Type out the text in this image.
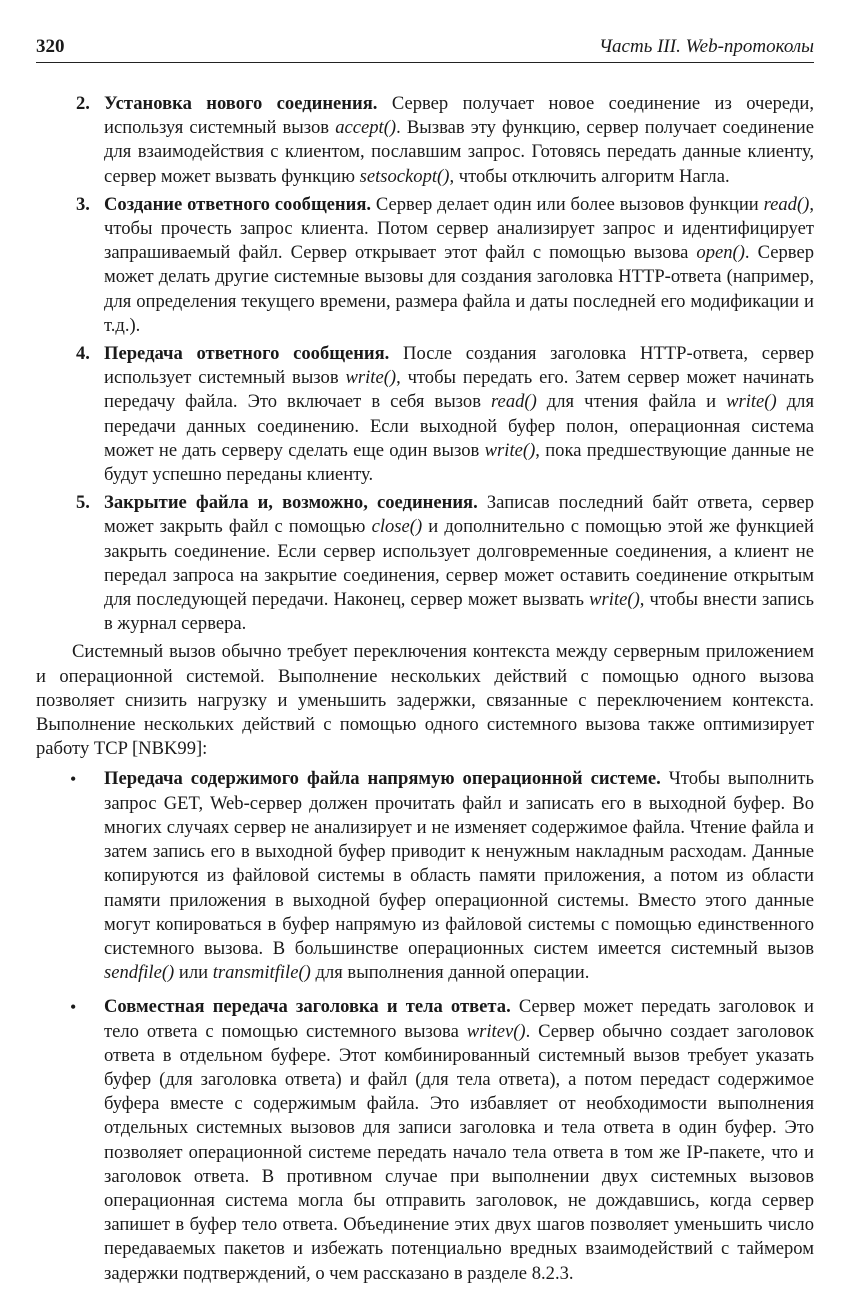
320	Часть III. Web-протоколы
2. Установка нового соединения. Сервер получает новое соединение из очереди, используя системный вызов accept(). Вызвав эту функцию, сервер получает соединение для взаимодействия с клиентом, пославшим запрос. Готовясь передать данные клиенту, сервер может вызвать функцию setsockopt(), чтобы отключить алгоритм Нагла.
3. Создание ответного сообщения. Сервер делает один или более вызовов функции read(), чтобы прочесть запрос клиента. Потом сервер анализирует запрос и идентифицирует запрашиваемый файл. Сервер открывает этот файл с помощью вызова open(). Сервер может делать другие системные вызовы для создания заголовка HTTP-ответа (например, для определения текущего времени, размера файла и даты последней его модификации и т.д.).
4. Передача ответного сообщения. После создания заголовка HTTP-ответа, сервер использует системный вызов write(), чтобы передать его. Затем сервер может начинать передачу файла. Это включает в себя вызов read() для чтения файла и write() для передачи данных соединению. Если выходной буфер полон, операционная система может не дать серверу сделать еще один вызов write(), пока предшествующие данные не будут успешно переданы клиенту.
5. Закрытие файла и, возможно, соединения. Записав последний байт ответа, сервер может закрыть файл с помощью close() и дополнительно с помощью этой же функцией закрыть соединение. Если сервер использует долговременные соединения, а клиент не передал запроса на закрытие соединения, сервер может оставить соединение открытым для последующей передачи. Наконец, сервер может вызвать write(), чтобы внести запись в журнал сервера.

Системный вызов обычно требует переключения контекста между серверным приложением и операционной системой. Выполнение нескольких действий с помощью одного вызова позволяет снизить нагрузку и уменьшить задержки, связанные с переключением контекста. Выполнение нескольких действий с помощью одного системного вызова также оптимизирует работу TCP [NBK99]:

• Передача содержимого файла напрямую операционной системе. Чтобы выполнить запрос GET, Web-сервер должен прочитать файл и записать его в выходной буфер. Во многих случаях сервер не анализирует и не изменяет содержимое файла. Чтение файла и затем запись его в выходной буфер приводит к ненужным накладным расходам. Данные копируются из файловой системы в область памяти приложения, а потом из области памяти приложения в выходной буфер операционной системы. Вместо этого данные могут копироваться в буфер напрямую из файловой системы с помощью единственного системного вызова. В большинстве операционных систем имеется системный вызов sendfile() или transmitfile() для выполнения данной операции.
• Совместная передача заголовка и тела ответа. Сервер может передать заголовок и тело ответа с помощью системного вызова writev(). Сервер обычно создает заголовок ответа в отдельном буфере. Этот комбинированный системный вызов требует указать буфер (для заголовка ответа) и файл (для тела ответа), а потом передаст содержимое буфера вместе с содержимым файла. Это избавляет от необходимости выполнения отдельных системных вызовов для записи заголовка и тела ответа в один буфер. Это позволяет операционной системе передать начало тела ответа в том же IP-пакете, что и заголовок ответа. В противном случае при выполнении двух системных вызовов операционная система могла бы отправить заголовок, не дождавшись, когда сервер запишет в буфер тело ответа. Объединение этих двух шагов позволяет уменьшить число передаваемых пакетов и избежать потенциально вредных взаимодействий с таймером задержки подтверждений, о чем рассказано в разделе 8.2.3.
